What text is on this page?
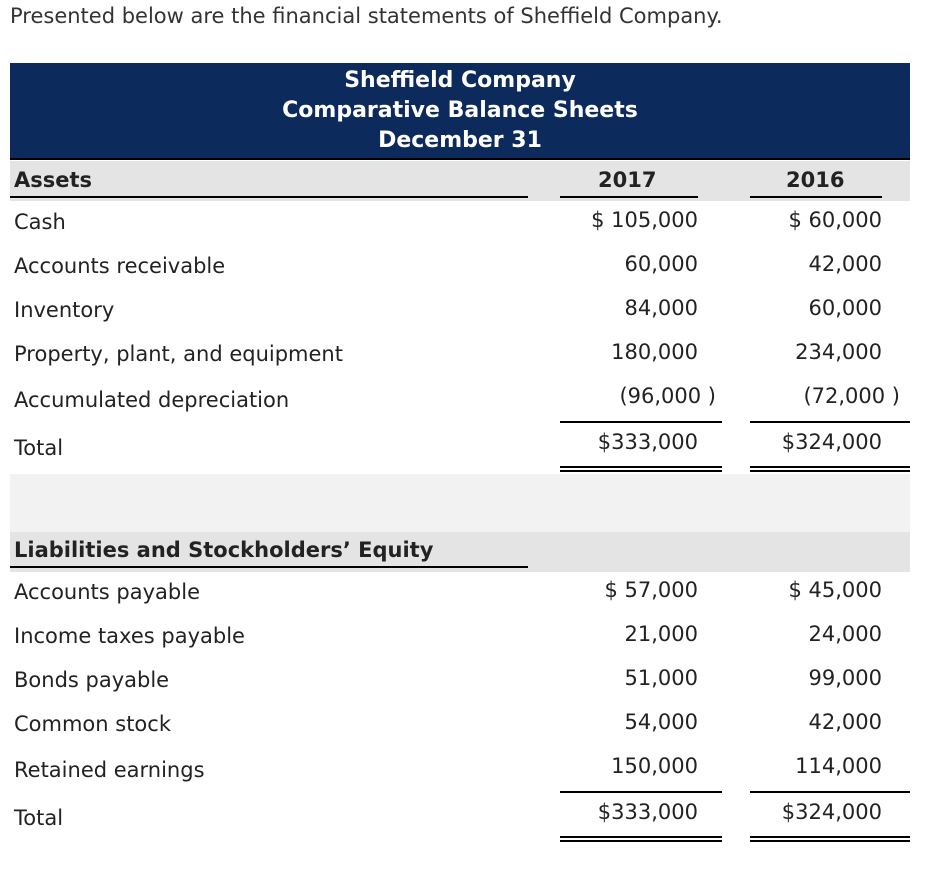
Presented below are the financial statements of Sheffield Company.
Sheffield Company
Comparative Balance Sheets
December 31
Assets	2017	2016
Cash	$ 105,000	$ 60,000
Accounts receivable	60,000	42,000
Inventory	84,000	60,000
Property, plant, and equipment	180,000	234,000
Accumulated depreciation	(96,000 )	(72,000 )
Total	$333,000	$324,000
Liabilities and Stockholders’ Equity
Accounts payable	$ 57,000	$ 45,000
Income taxes payable	21,000	24,000
Bonds payable	51,000	99,000
Common stock	54,000	42,000
Retained earnings	150,000	114,000
Total	$333,000	$324,000
